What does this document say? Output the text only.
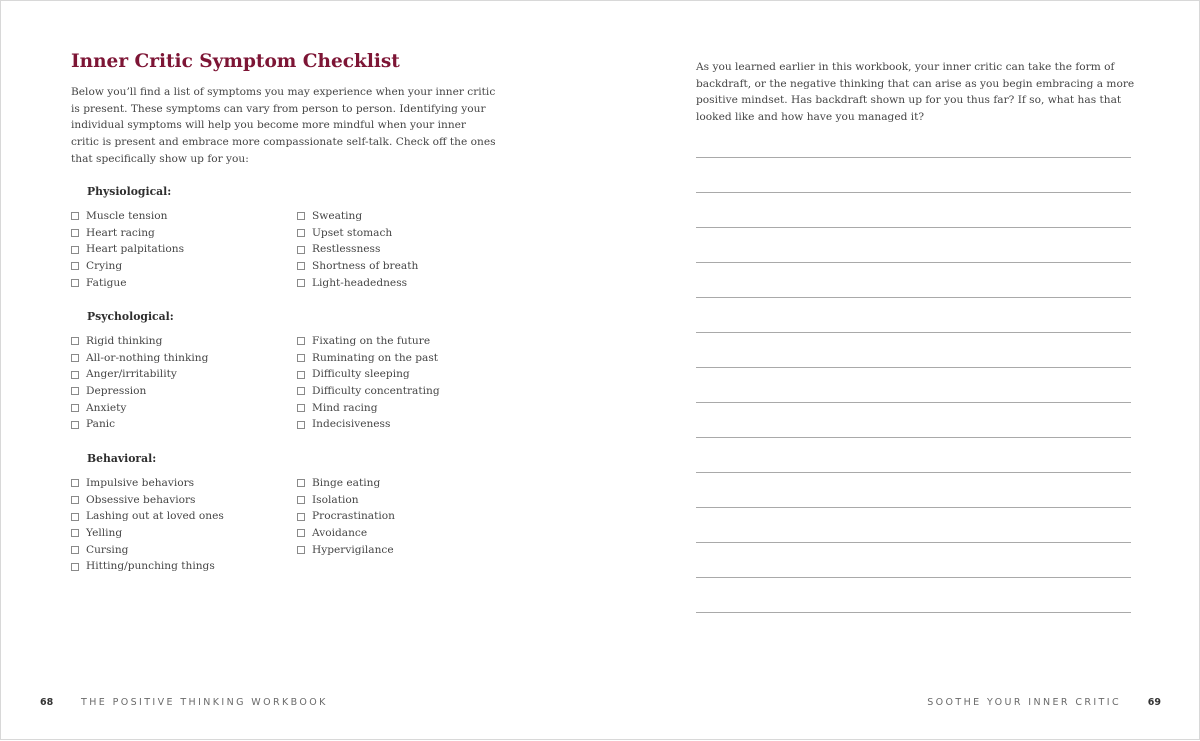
Inner Critic Symptom Checklist

Below you’ll find a list of symptoms you may experience when your inner critic is present. These symptoms can vary from person to person. Identifying your individual symptoms will help you become more mindful when your inner critic is present and embrace more compassionate self-talk. Check off the ones that specifically show up for you:

Physiological:
Muscle tension
Heart racing
Heart palpitations
Crying
Fatigue
Sweating
Upset stomach
Restlessness
Shortness of breath
Light-headedness
Psychological:
Rigid thinking
All-or-nothing thinking
Anger/irritability
Depression
Anxiety
Panic
Fixating on the future
Ruminating on the past
Difficulty sleeping
Difficulty concentrating
Mind racing
Indecisiveness
Behavioral:
Impulsive behaviors
Obsessive behaviors
Lashing out at loved ones
Yelling
Cursing
Hitting/punching things
Binge eating
Isolation
Procrastination
Avoidance
Hypervigilance
68	THE POSITIVE THINKING WORKBOOK

As you learned earlier in this workbook, your inner critic can take the form of backdraft, or the negative thinking that can arise as you begin embracing a more positive mindset. Has backdraft shown up for you thus far? If so, what has that looked like and how have you managed it?

SOOTHE YOUR INNER CRITIC	69
